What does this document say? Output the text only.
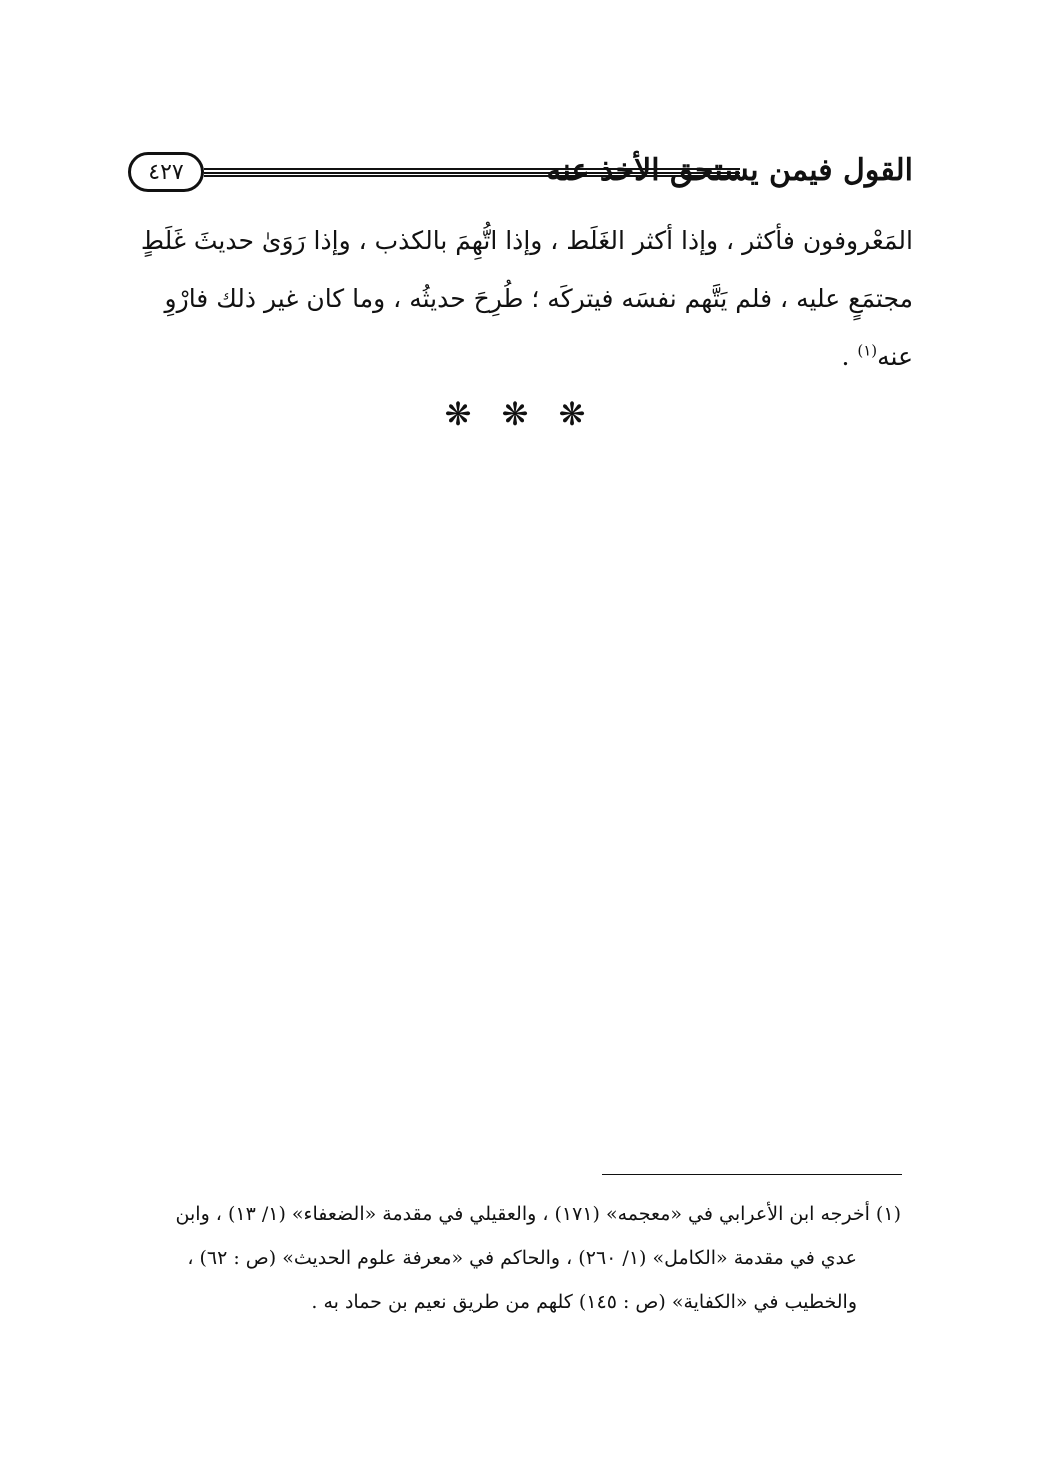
٤٢٧	القول فيمن يستحق الأخذ عنه
المَعْروفون فأكثر ، وإذا أكثر الغَلَط ، وإذا اتُّهِمَ بالكذب ، وإذا رَوَىٰ حديثَ غَلَطٍ
مجتمَعٍ عليه ، فلم يَتَّهم نفسَه فيتركَه ؛ طُرِحَ حديثُه ، وما كان غير ذلك فارْوِ
عنه$^{(١)}$ .
❋ ❋ ❋
(١) أخرجه ابن الأعرابي في «معجمه» (١٧١) ، والعقيلي في مقدمة «الضعفاء» (١/ ١٣) ، وابن
عدي في مقدمة «الكامل» (١/ ٢٦٠) ، والحاكم في «معرفة علوم الحديث» (ص : ٦٢) ،
والخطيب في «الكفاية» (ص : ١٤٥) كلهم من طريق نعيم بن حماد به .
